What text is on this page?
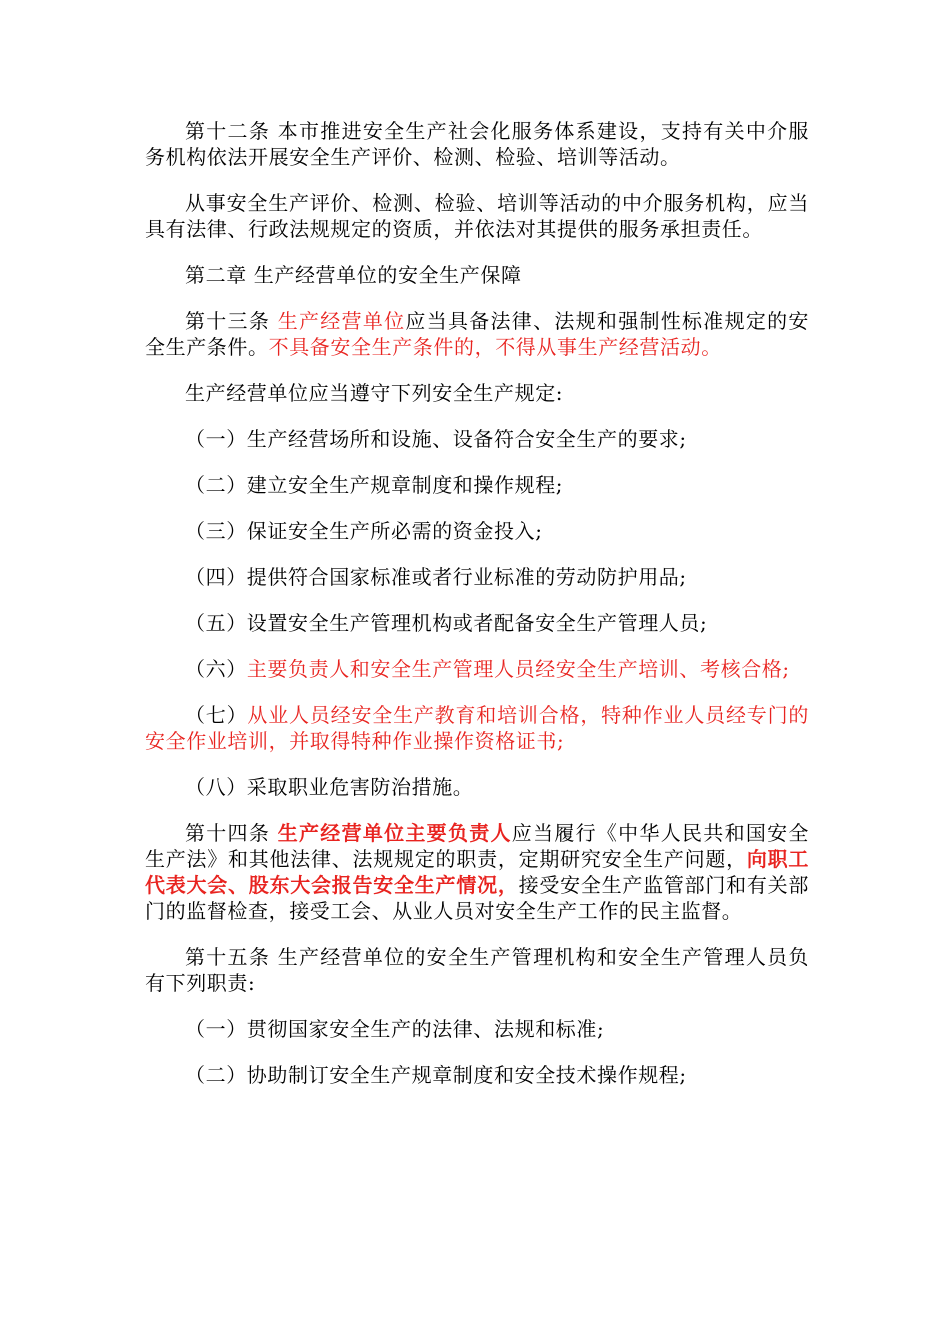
第十二条 本市推进安全生产社会化服务体系建设，支持有关中介服务机构依法开展安全生产评价、检测、检验、培训等活动。

从事安全生产评价、检测、检验、培训等活动的中介服务机构，应当具有法律、行政法规规定的资质，并依法对其提供的服务承担责任。

第二章 生产经营单位的安全生产保障

第十三条 生产经营单位应当具备法律、法规和强制性标准规定的安全生产条件。不具备安全生产条件的，不得从事生产经营活动。

生产经营单位应当遵守下列安全生产规定:

（一）生产经营场所和设施、设备符合安全生产的要求;

（二）建立安全生产规章制度和操作规程;

（三）保证安全生产所必需的资金投入;

（四）提供符合国家标准或者行业标准的劳动防护用品;

（五）设置安全生产管理机构或者配备安全生产管理人员;

（六）主要负责人和安全生产管理人员经安全生产培训、考核合格;

（七）从业人员经安全生产教育和培训合格，特种作业人员经专门的安全作业培训，并取得特种作业操作资格证书;

（八）采取职业危害防治措施。

第十四条 生产经营单位主要负责人应当履行《中华人民共和国安全生产法》和其他法律、法规规定的职责，定期研究安全生产问题，向职工代表大会、股东大会报告安全生产情况，接受安全生产监管部门和有关部门的监督检查，接受工会、从业人员对安全生产工作的民主监督。

第十五条 生产经营单位的安全生产管理机构和安全生产管理人员负有下列职责:

（一）贯彻国家安全生产的法律、法规和标准;

（二）协助制订安全生产规章制度和安全技术操作规程;
